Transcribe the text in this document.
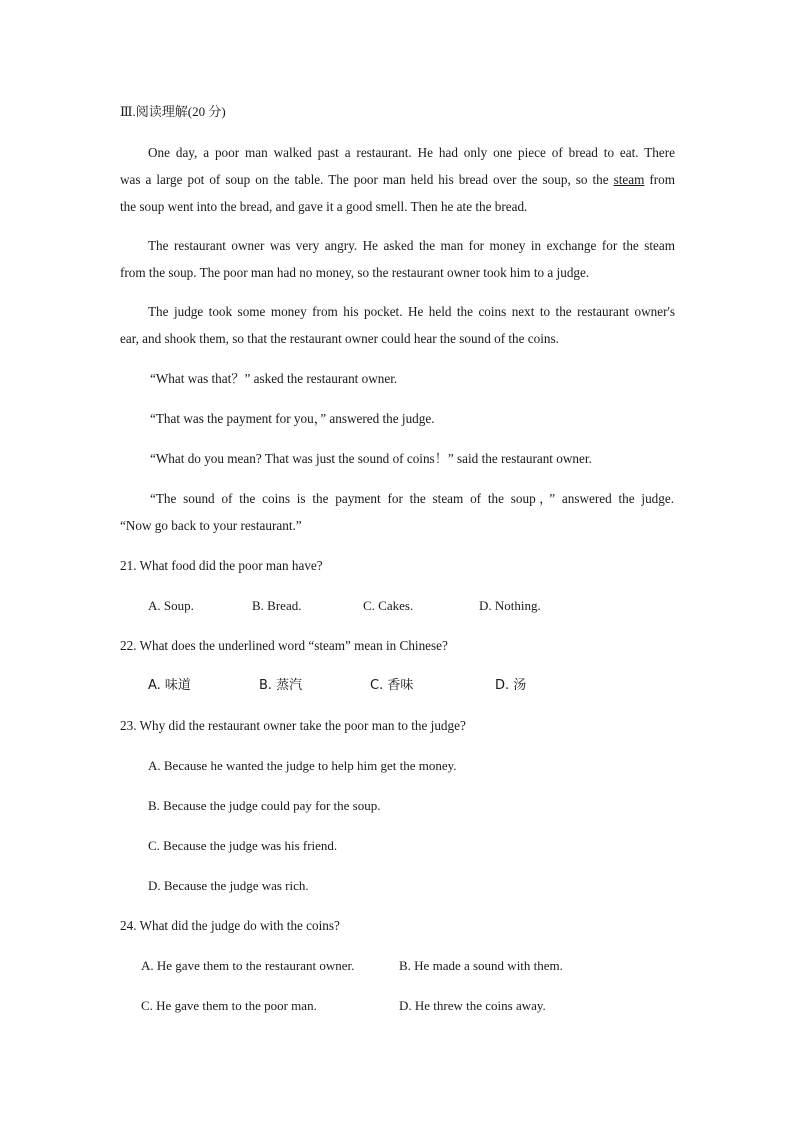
Ⅲ.阅读理解(20 分)
One day, a poor man walked past a restaurant. He had only one piece of bread to eat. There
was a large pot of soup on the table. The poor man held his bread over the soup, so the steam from
the soup went into the bread, and gave it a good smell. Then he ate the bread.
The restaurant owner was very angry. He asked the man for money in exchange for the steam
from the soup. The poor man had no money, so the restaurant owner took him to a judge.
The judge took some money from his pocket. He held the coins next to the restaurant owner's
ear, and shook them, so that the restaurant owner could hear the sound of the coins.
“What was that？” asked the restaurant owner.
“That was the payment for you，” answered the judge.
“What do you mean? That was just the sound of coins！” said the restaurant owner.
“The sound of the coins is the payment for the steam of the soup，” answered the judge.
“Now go back to your restaurant.”
21. What food did the poor man have?
A. Soup.	B. Bread.	C. Cakes.	D. Nothing.
22. What does the underlined word “steam” mean in Chinese?
A. 味道	B. 蒸汽	C. 香味	D. 汤
23. Why did the restaurant owner take the poor man to the judge?
A. Because he wanted the judge to help him get the money.
B. Because the judge could pay for the soup.
C. Because the judge was his friend.
D. Because the judge was rich.
24. What did the judge do with the coins?
A. He gave them to the restaurant owner.	B. He made a sound with them.
C. He gave them to the poor man.	D. He threw the coins away.
